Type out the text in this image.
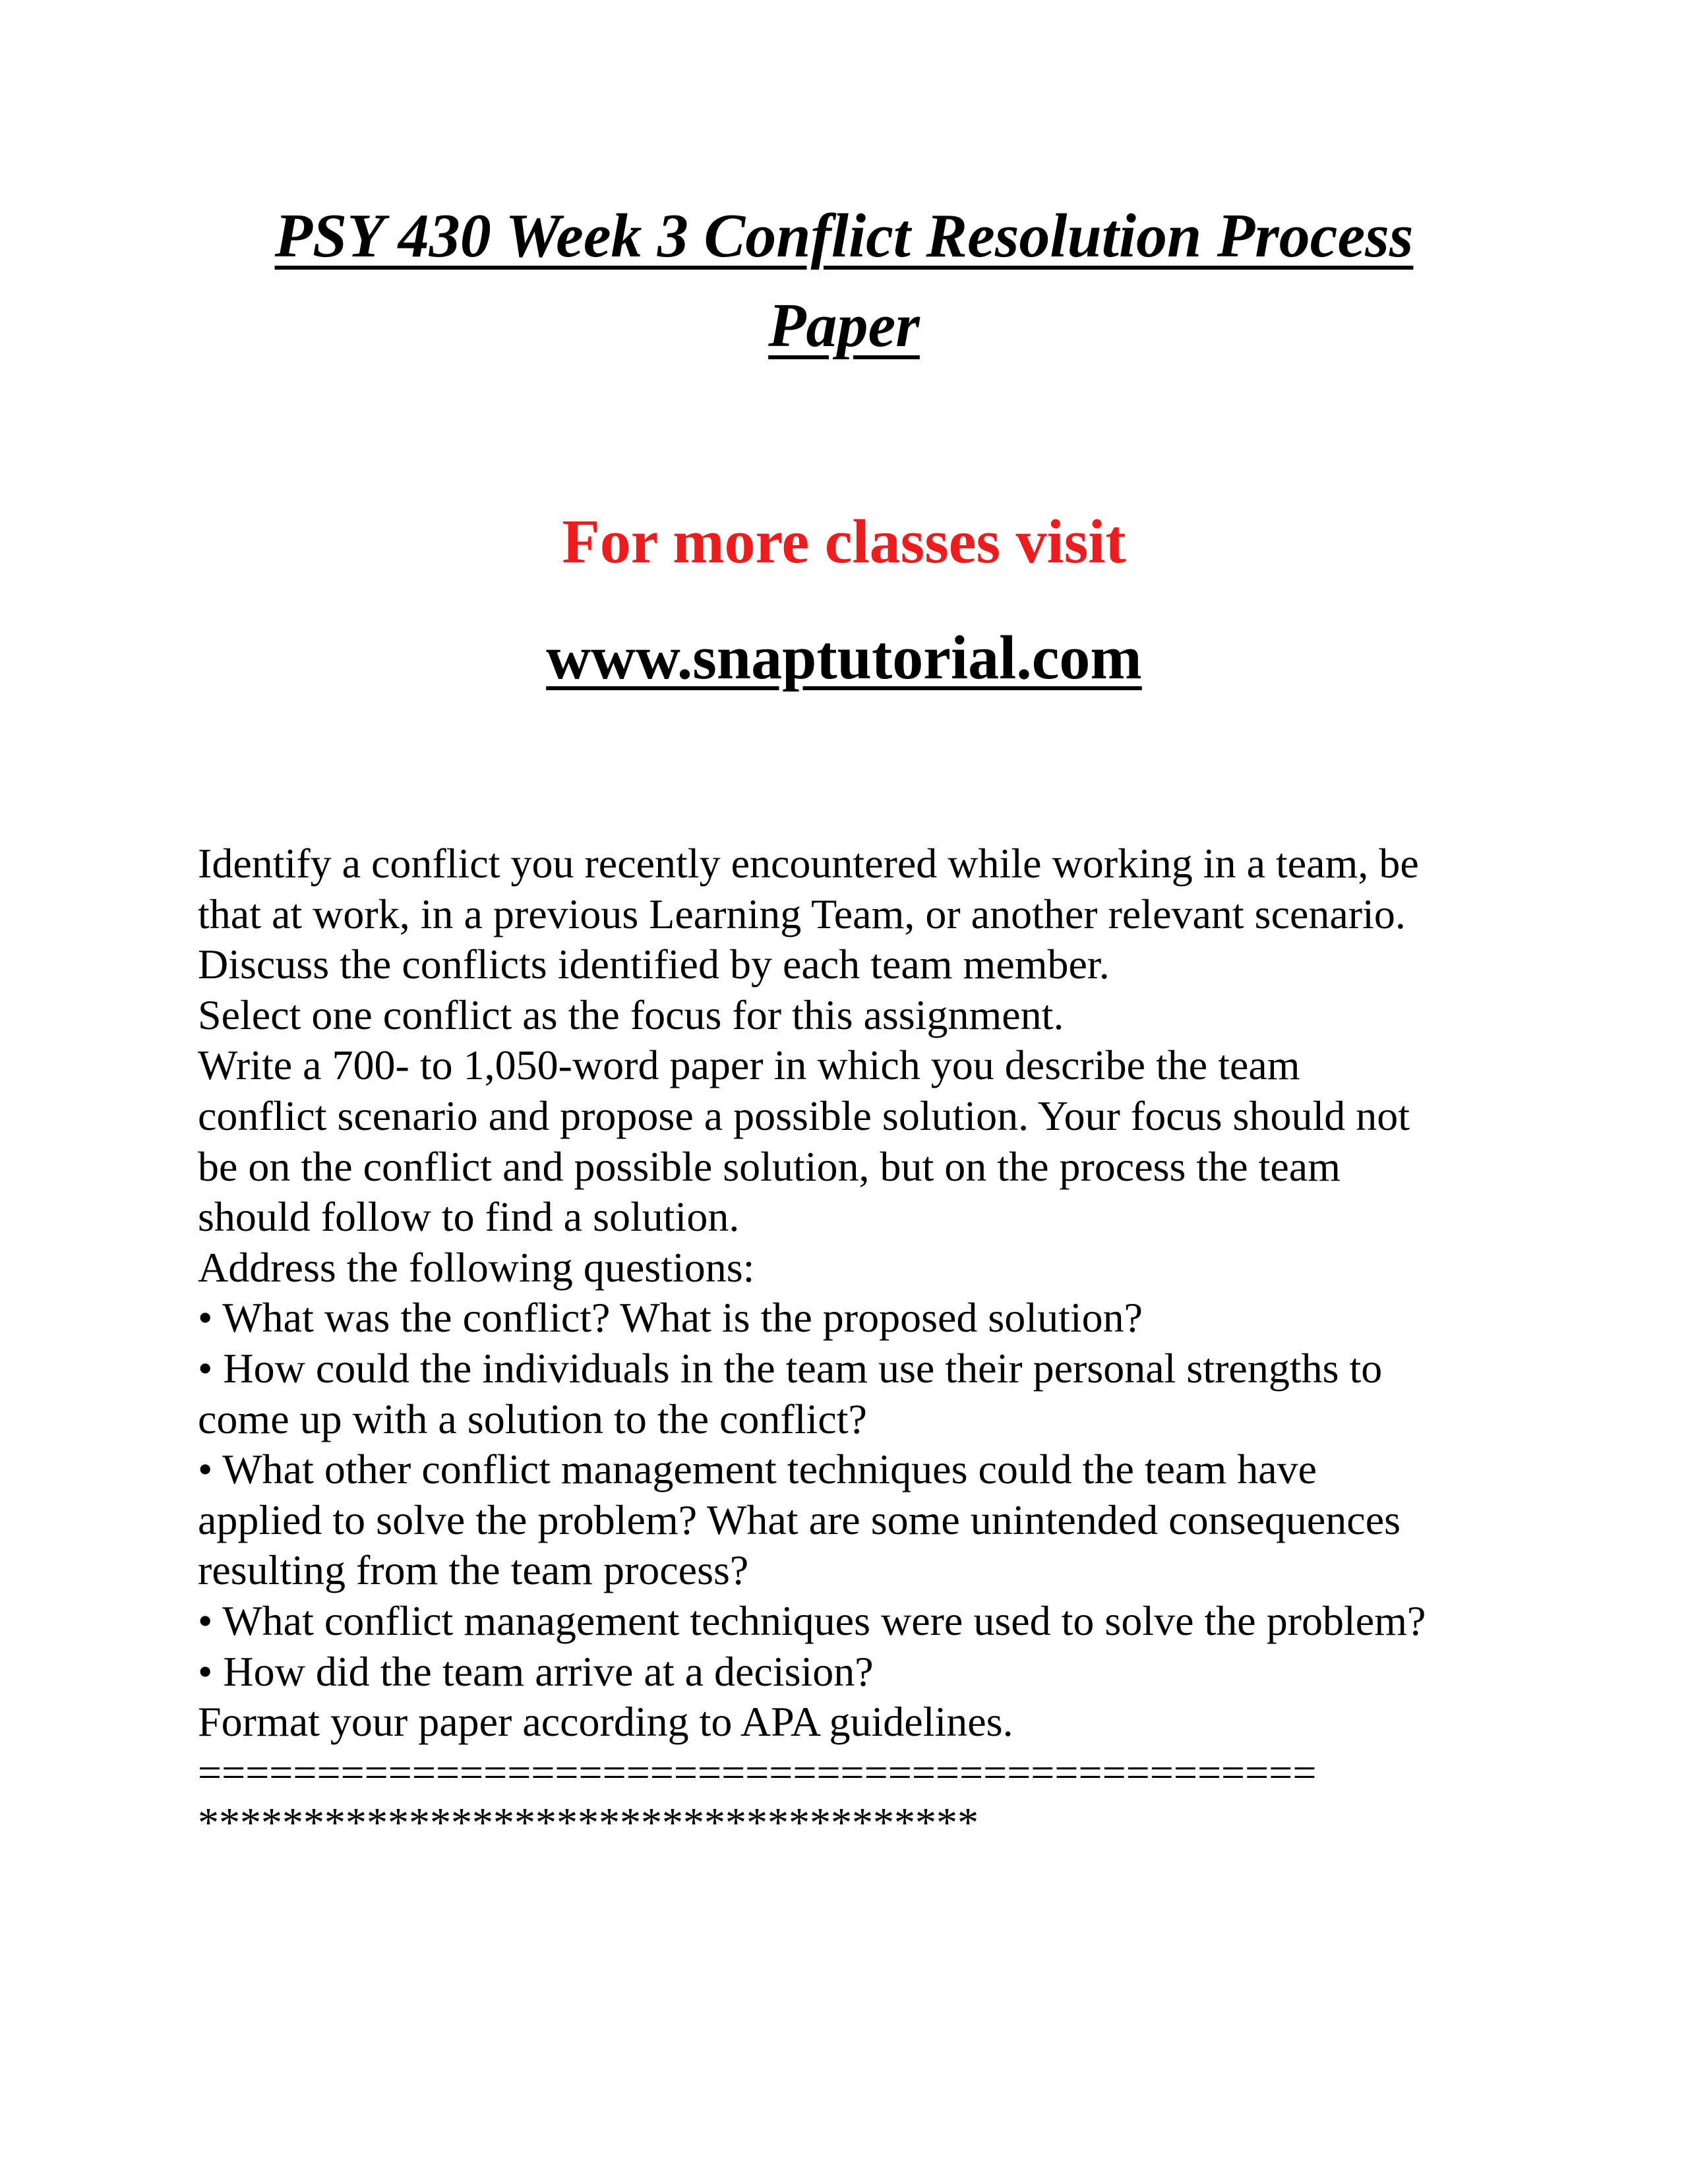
PSY 430 Week 3 Conflict Resolution Process
Paper

For more classes visit

www.snaptutorial.com

Identify a conflict you recently encountered while working in a team, be
that at work, in a previous Learning Team, or another relevant scenario.
Discuss the conflicts identified by each team member.
Select one conflict as the focus for this assignment.
Write a 700- to 1,050-word paper in which you describe the team
conflict scenario and propose a possible solution. Your focus should not
be on the conflict and possible solution, but on the process the team
should follow to find a solution.
Address the following questions:
• What was the conflict? What is the proposed solution?
• How could the individuals in the team use their personal strengths to
come up with a solution to the conflict?
• What other conflict management techniques could the team have
applied to solve the problem? What are some unintended consequences
resulting from the team process?
• What conflict management techniques were used to solve the problem?
• How did the team arrive at a decision?
Format your paper according to APA guidelines.
===============================================
*************************************
